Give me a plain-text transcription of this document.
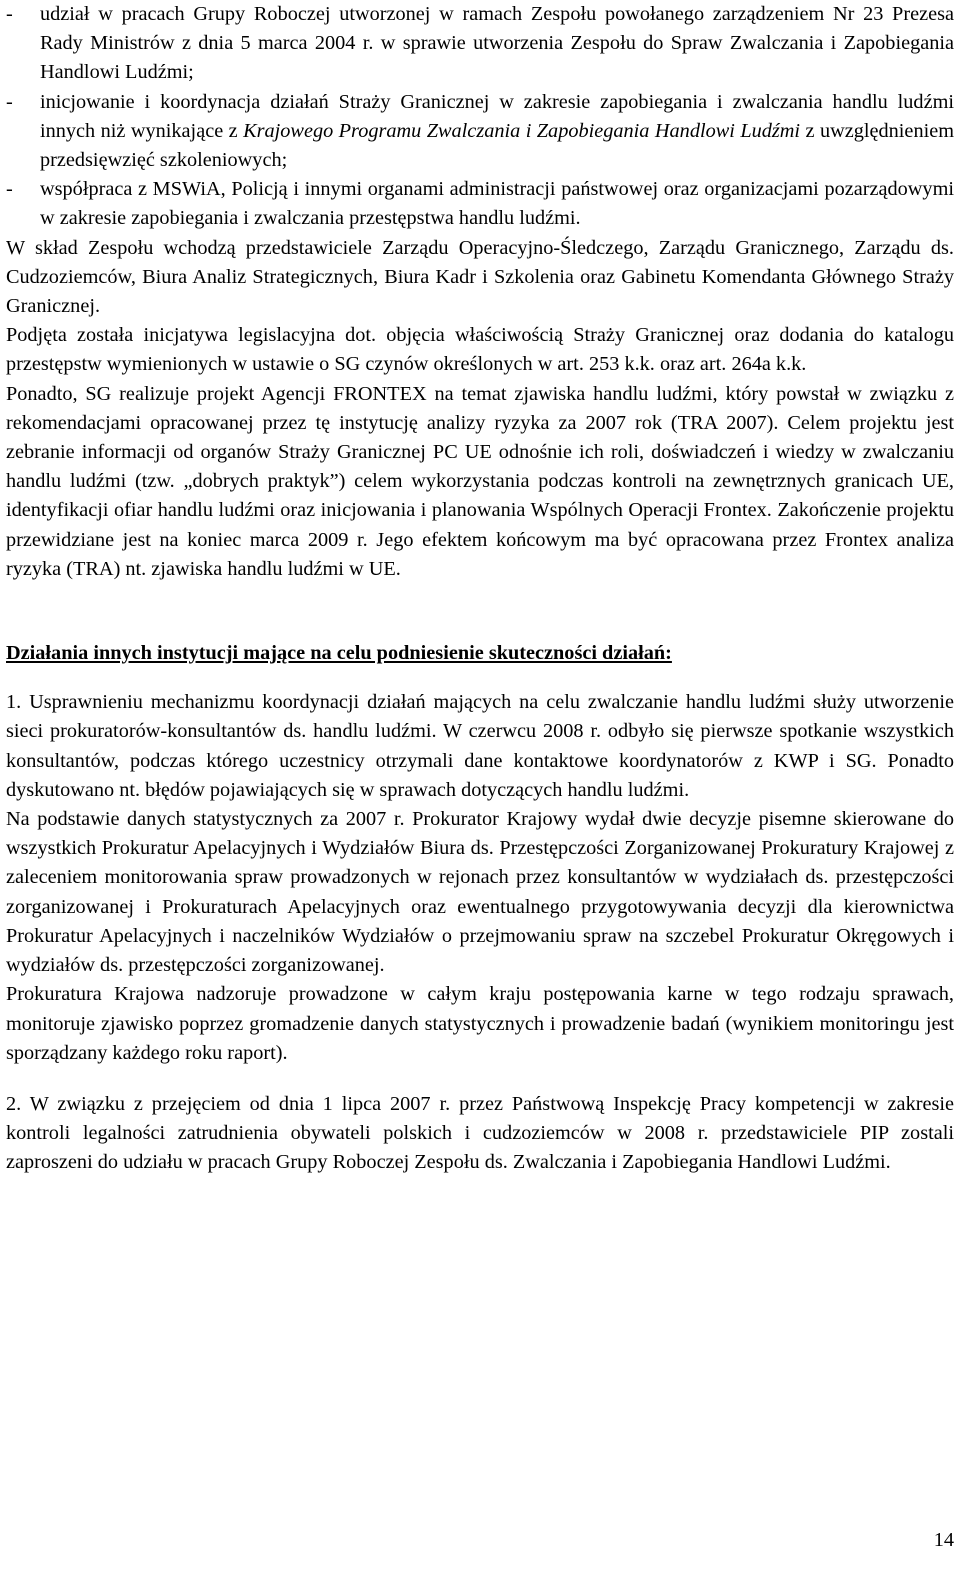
- udział w pracach Grupy Roboczej utworzonej w ramach Zespołu powołanego zarządzeniem Nr 23 Prezesa Rady Ministrów z dnia 5 marca 2004 r. w sprawie utworzenia Zespołu do Spraw Zwalczania i Zapobiegania Handlowi Ludźmi;
- inicjowanie i koordynacja działań Straży Granicznej w zakresie zapobiegania i zwalczania handlu ludźmi innych niż wynikające z Krajowego Programu Zwalczania i Zapobiegania Handlowi Ludźmi z uwzględnieniem przedsięwzięć szkoleniowych;
- współpraca z MSWiA, Policją i innymi organami administracji państwowej oraz organizacjami pozarządowymi w zakresie zapobiegania i zwalczania przestępstwa handlu ludźmi.

W skład Zespołu wchodzą przedstawiciele Zarządu Operacyjno-Śledczego, Zarządu Granicznego, Zarządu ds. Cudzoziemców, Biura Analiz Strategicznych, Biura Kadr i Szkolenia oraz Gabinetu Komendanta Głównego Straży Granicznej.

Podjęta została inicjatywa legislacyjna dot. objęcia właściwością Straży Granicznej oraz dodania do katalogu przestępstw wymienionych w ustawie o SG czynów określonych w art. 253 k.k. oraz art. 264a k.k.

Ponadto, SG realizuje projekt Agencji FRONTEX na temat zjawiska handlu ludźmi, który powstał w związku z rekomendacjami opracowanej przez tę instytucję analizy ryzyka za 2007 rok (TRA 2007). Celem projektu jest zebranie informacji od organów Straży Granicznej PC UE odnośnie ich roli, doświadczeń i wiedzy w zwalczaniu handlu ludźmi (tzw. „dobrych praktyk”) celem wykorzystania podczas kontroli na zewnętrznych granicach UE, identyfikacji ofiar handlu ludźmi oraz inicjowania i planowania Wspólnych Operacji Frontex. Zakończenie projektu przewidziane jest na koniec marca 2009 r. Jego efektem końcowym ma być opracowana przez Frontex analiza ryzyka (TRA) nt. zjawiska handlu ludźmi w UE.

Działania innych instytucji mające na celu podniesienie skuteczności działań:

1. Usprawnieniu mechanizmu koordynacji działań mających na celu zwalczanie handlu ludźmi służy utworzenie sieci prokuratorów-konsultantów ds. handlu ludźmi. W czerwcu 2008 r. odbyło się pierwsze spotkanie wszystkich konsultantów, podczas którego uczestnicy otrzymali dane kontaktowe koordynatorów z KWP i SG. Ponadto dyskutowano nt. błędów pojawiających się w sprawach dotyczących handlu ludźmi.

Na podstawie danych statystycznych za 2007 r. Prokurator Krajowy wydał dwie decyzje pisemne skierowane do wszystkich Prokuratur Apelacyjnych i Wydziałów Biura ds. Przestępczości Zorganizowanej Prokuratury Krajowej z zaleceniem monitorowania spraw prowadzonych w rejonach przez konsultantów w wydziałach ds. przestępczości zorganizowanej i Prokuraturach Apelacyjnych oraz ewentualnego przygotowywania decyzji dla kierownictwa Prokuratur Apelacyjnych i naczelników Wydziałów o przejmowaniu spraw na szczebel Prokuratur Okręgowych i wydziałów ds. przestępczości zorganizowanej.

Prokuratura Krajowa nadzoruje prowadzone w całym kraju postępowania karne w tego rodzaju sprawach, monitoruje zjawisko poprzez gromadzenie danych statystycznych i prowadzenie badań (wynikiem monitoringu jest sporządzany każdego roku raport).

2. W związku z przejęciem od dnia 1 lipca 2007 r. przez Państwową Inspekcję Pracy kompetencji w zakresie kontroli legalności zatrudnienia obywateli polskich i cudzoziemców w 2008 r. przedstawiciele PIP zostali zaproszeni do udziału w pracach Grupy Roboczej Zespołu ds. Zwalczania i Zapobiegania Handlowi Ludźmi.

14
